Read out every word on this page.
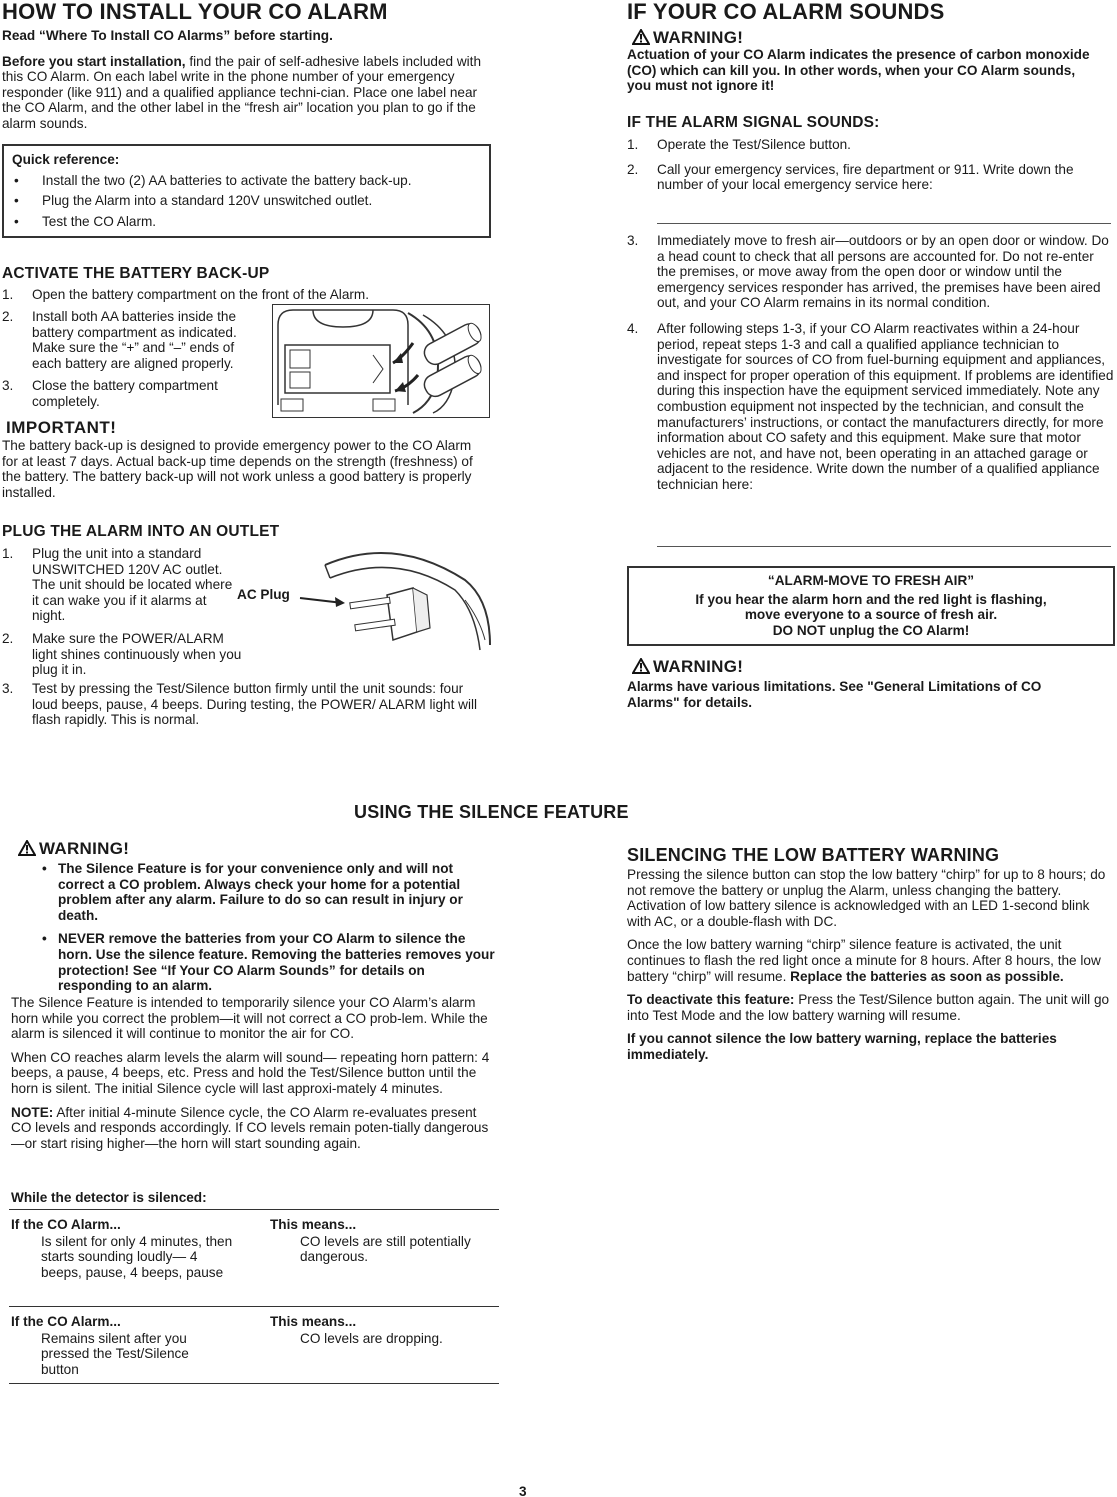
HOW TO INSTALL YOUR CO ALARM

Read “Where To Install CO Alarms” before starting.

Before you start installation, find the pair of self-adhesive labels included with this CO Alarm. On each label write in the phone number of your emergency responder (like 911) and a qualified appliance techni-cian. Place one label near the CO Alarm, and the other label in the “fresh air” location you plan to go if the alarm sounds.

Quick reference:
• Install the two (2) AA batteries to activate the battery back-up.
• Plug the Alarm into a standard 120V unswitched outlet.
• Test the CO Alarm.
ACTIVATE THE BATTERY BACK-UP
1. Open the battery compartment on the front of the Alarm.
2. Install both AA batteries inside the battery compartment as indicated. Make sure the “+” and “–” ends of each battery are aligned properly.
3. Close the battery compartment completely.
IMPORTANT!
The battery back-up is designed to provide emergency power to the CO Alarm for at least 7 days. Actual back-up time depends on the strength (freshness) of the battery. The battery back-up will not work unless a good battery is properly installed.
PLUG THE ALARM INTO AN OUTLET
1. Plug the unit into a standard UNSWITCHED 120V AC outlet. The unit should be located where it can wake you if it alarms at night.
2. Make sure the POWER/ALARM light shines continuously when you plug it in.
3. Test by pressing the Test/Silence button firmly until the unit sounds: four loud beeps, pause, 4 beeps. During testing, the POWER/ ALARM light will flash rapidly. This is normal.
AC Plug
IF YOUR CO ALARM SOUNDS
WARNING!
Actuation of your CO Alarm indicates the presence of carbon monoxide (CO) which can kill you. In other words, when your CO Alarm sounds, you must not ignore it!
IF THE ALARM SIGNAL SOUNDS:
1. Operate the Test/Silence button.
2. Call your emergency services, fire department or 911. Write down the number of your local emergency service here:
3. Immediately move to fresh air—outdoors or by an open door or window. Do a head count to check that all persons are accounted for. Do not re-enter the premises, or move away from the open door or window until the emergency services responder has arrived, the premises have been aired out, and your CO Alarm remains in its normal condition.
4. After following steps 1-3, if your CO Alarm reactivates within a 24-hour period, repeat steps 1-3 and call a qualified appliance technician to investigate for sources of CO from fuel-burning equipment and appliances, and inspect for proper operation of this equipment. If problems are identified during this inspection have the equipment serviced immediately. Note any combustion equipment not inspected by the technician, and consult the manufacturers’ instructions, or contact the manufacturers directly, for more information about CO safety and this equipment. Make sure that motor vehicles are not, and have not, been operating in an attached garage or adjacent to the residence. Write down the number of a qualified appliance technician here:
“ALARM-MOVE TO FRESH AIR”
If you hear the alarm horn and the red light is flashing,
move everyone to a source of fresh air.
DO NOT unplug the CO Alarm!
WARNING!
Alarms have various limitations. See "General Limitations of CO Alarms" for details.
USING THE SILENCE FEATURE
WARNING!
• The Silence Feature is for your convenience only and will not correct a CO problem. Always check your home for a potential problem after any alarm. Failure to do so can result in injury or death.
• NEVER remove the batteries from your CO Alarm to silence the horn. Use the silence feature. Removing the batteries removes your protection! See “If Your CO Alarm Sounds” for details on responding to an alarm.

The Silence Feature is intended to temporarily silence your CO Alarm’s alarm horn while you correct the problem—it will not correct a CO prob-lem. While the alarm is silenced it will continue to monitor the air for CO.

When CO reaches alarm levels the alarm will sound— repeating horn pattern: 4 beeps, a pause, 4 beeps, etc. Press and hold the Test/Silence button until the horn is silent. The initial Silence cycle will last approxi-mately 4 minutes.

NOTE: After initial 4-minute Silence cycle, the CO Alarm re-evaluates present CO levels and responds accordingly. If CO levels remain poten-tially dangerous—or start rising higher—the horn will start sounding again.

While the detector is silenced:
If the CO Alarm...
Is silent for only 4 minutes, then starts sounding loudly— 4 beeps, pause, 4 beeps, pause
This means...
CO levels are still potentially dangerous.
If the CO Alarm...
Remains silent after you pressed the Test/Silence button
This means...
CO levels are dropping.
SILENCING THE LOW BATTERY WARNING

Pressing the silence button can stop the low battery “chirp” for up to 8 hours; do not remove the battery or unplug the Alarm, unless changing the battery. Activation of low battery silence is acknowledged with an LED 1-second blink with AC, or a double-flash with DC.

Once the low battery warning “chirp” silence feature is activated, the unit continues to flash the red light once a minute for 8 hours. After 8 hours, the low battery “chirp” will resume. Replace the batteries as soon as possible.

To deactivate this feature: Press the Test/Silence button again. The unit will go into Test Mode and the low battery warning will resume.

If you cannot silence the low battery warning, replace the batteries immediately.

3
